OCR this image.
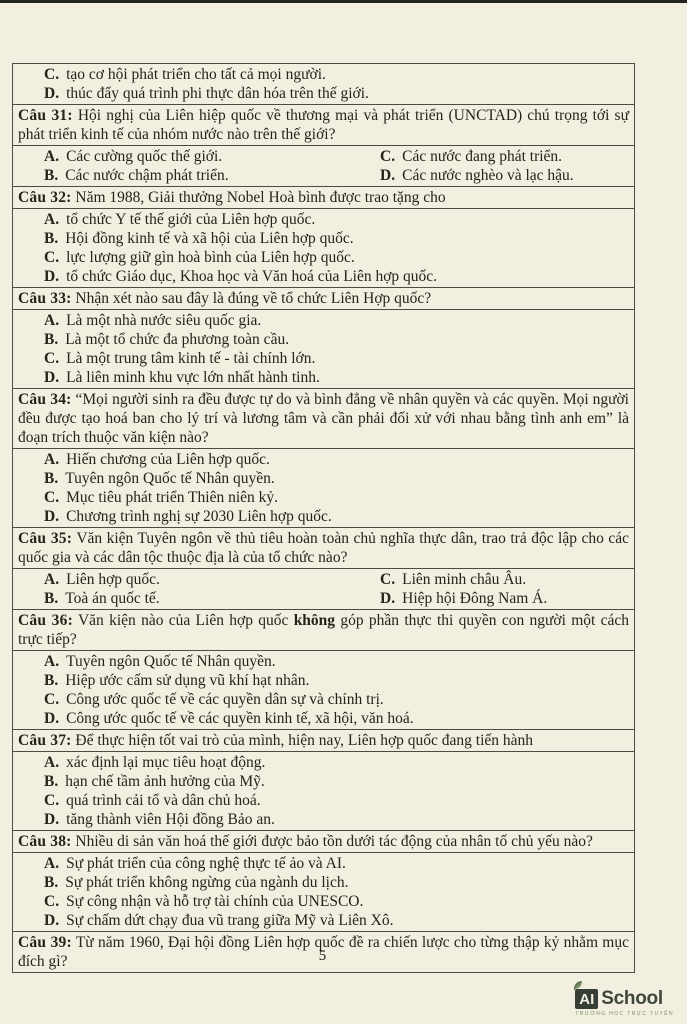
C. tạo cơ hội phát triển cho tất cả mọi người.
D. thúc đẩy quá trình phi thực dân hóa trên thế giới.

Câu 31: Hội nghị của Liên hiệp quốc về thương mại và phát triển (UNCTAD) chú trọng tới sự phát triển kinh tế của nhóm nước nào trên thế giới?

A. Các cường quốc thế giới.
B. Các nước chậm phát triển.
C. Các nước đang phát triển.
D. Các nước nghèo và lạc hậu.

Câu 32: Năm 1988, Giải thưởng Nobel Hoà bình được trao tặng cho

A. tổ chức Y tế thế giới của Liên hợp quốc.
B. Hội đồng kinh tế và xã hội của Liên hợp quốc.
C. lực lượng giữ gìn hoà bình của Liên hợp quốc.
D. tổ chức Giáo dục, Khoa học và Văn hoá của Liên hợp quốc.

Câu 33: Nhận xét nào sau đây là đúng về tổ chức Liên Hợp quốc?

A. Là một nhà nước siêu quốc gia.
B. Là một tổ chức đa phương toàn cầu.
C. Là một trung tâm kinh tế - tài chính lớn.
D. Là liên minh khu vực lớn nhất hành tinh.

Câu 34: “Mọi người sinh ra đều được tự do và bình đẳng về nhân quyền và các quyền. Mọi người đều được tạo hoá ban cho lý trí và lương tâm và cần phải đối xử với nhau bằng tình anh em” là đoạn trích thuộc văn kiện nào?

A. Hiến chương của Liên hợp quốc.
B. Tuyên ngôn Quốc tế Nhân quyền.
C. Mục tiêu phát triển Thiên niên kỷ.
D. Chương trình nghị sự 2030 Liên hợp quốc.

Câu 35: Văn kiện Tuyên ngôn về thủ tiêu hoàn toàn chủ nghĩa thực dân, trao trả độc lập cho các quốc gia và các dân tộc thuộc địa là của tổ chức nào?

A. Liên hợp quốc.
B. Toà án quốc tế.
C. Liên minh châu Âu.
D. Hiệp hội Đông Nam Á.

Câu 36: Văn kiện nào của Liên hợp quốc không góp phần thực thi quyền con người một cách trực tiếp?

A. Tuyên ngôn Quốc tế Nhân quyền.
B. Hiệp ước cấm sử dụng vũ khí hạt nhân.
C. Công ước quốc tế về các quyền dân sự và chính trị.
D. Công ước quốc tế về các quyền kinh tế, xã hội, văn hoá.

Câu 37: Để thực hiện tốt vai trò của mình, hiện nay, Liên hợp quốc đang tiến hành

A. xác định lại mục tiêu hoạt động.
B. hạn chế tầm ảnh hưởng của Mỹ.
C. quá trình cải tổ và dân chủ hoá.
D. tăng thành viên Hội đồng Bảo an.

Câu 38: Nhiều di sản văn hoá thế giới được bảo tồn dưới tác động của nhân tố chủ yếu nào?

A. Sự phát triển của công nghệ thực tế ảo và AI.
B. Sự phát triển không ngừng của ngành du lịch.
C. Sự công nhận và hỗ trợ tài chính của UNESCO.
D. Sự chấm dứt chạy đua vũ trang giữa Mỹ và Liên Xô.

Câu 39: Từ năm 1960, Đại hội đồng Liên hợp quốc đề ra chiến lược cho từng thập kỷ nhằm mục đích gì?	5
AI School
TRƯỜNG HỌC TRỰC TUYẾN
